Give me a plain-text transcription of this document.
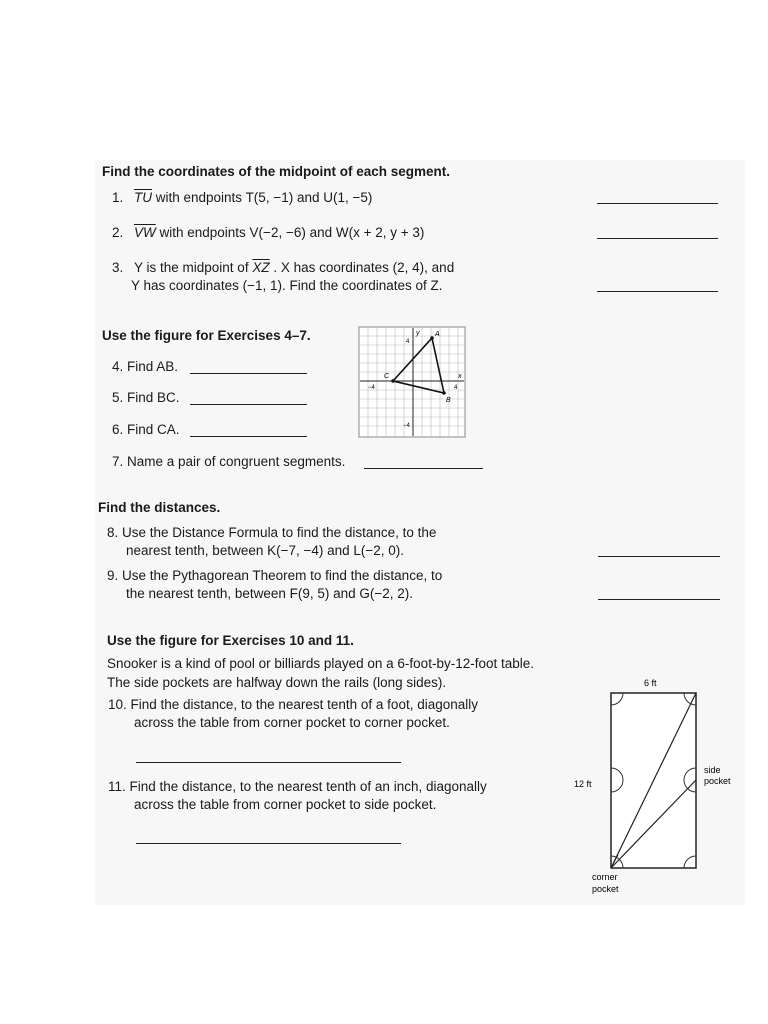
Find the coordinates of the midpoint of each segment.
1. $\overline{TU}$ with endpoints T(5, −1) and U(1, −5)
2. $\overline{VW}$ with endpoints V(−2, −6) and W(x + 2, y + 3)
3. Y is the midpoint of $\overline{XZ}$ . X has coordinates (2, 4), and
Y has coordinates (−1, 1). Find the coordinates of Z.
Use the figure for Exercises 4–7.
4. Find AB.
5. Find BC.
6. Find CA.
7. Name a pair of congruent segments.
y
x
A
B
C
4
4
−4
−4
Find the distances.
8. Use the Distance Formula to find the distance, to the
nearest tenth, between K(−7, −4) and L(−2, 0).
9. Use the Pythagorean Theorem to find the distance, to
the nearest tenth, between F(9, 5) and G(−2, 2).
Use the figure for Exercises 10 and 11.
Snooker is a kind of pool or billiards played on a 6-foot-by-12-foot table.
The side pockets are halfway down the rails (long sides).
10. Find the distance, to the nearest tenth of a foot, diagonally
across the table from corner pocket to corner pocket.
11. Find the distance, to the nearest tenth of an inch, diagonally
across the table from corner pocket to side pocket.
6 ft
12 ft
side
pocket
corner
pocket
